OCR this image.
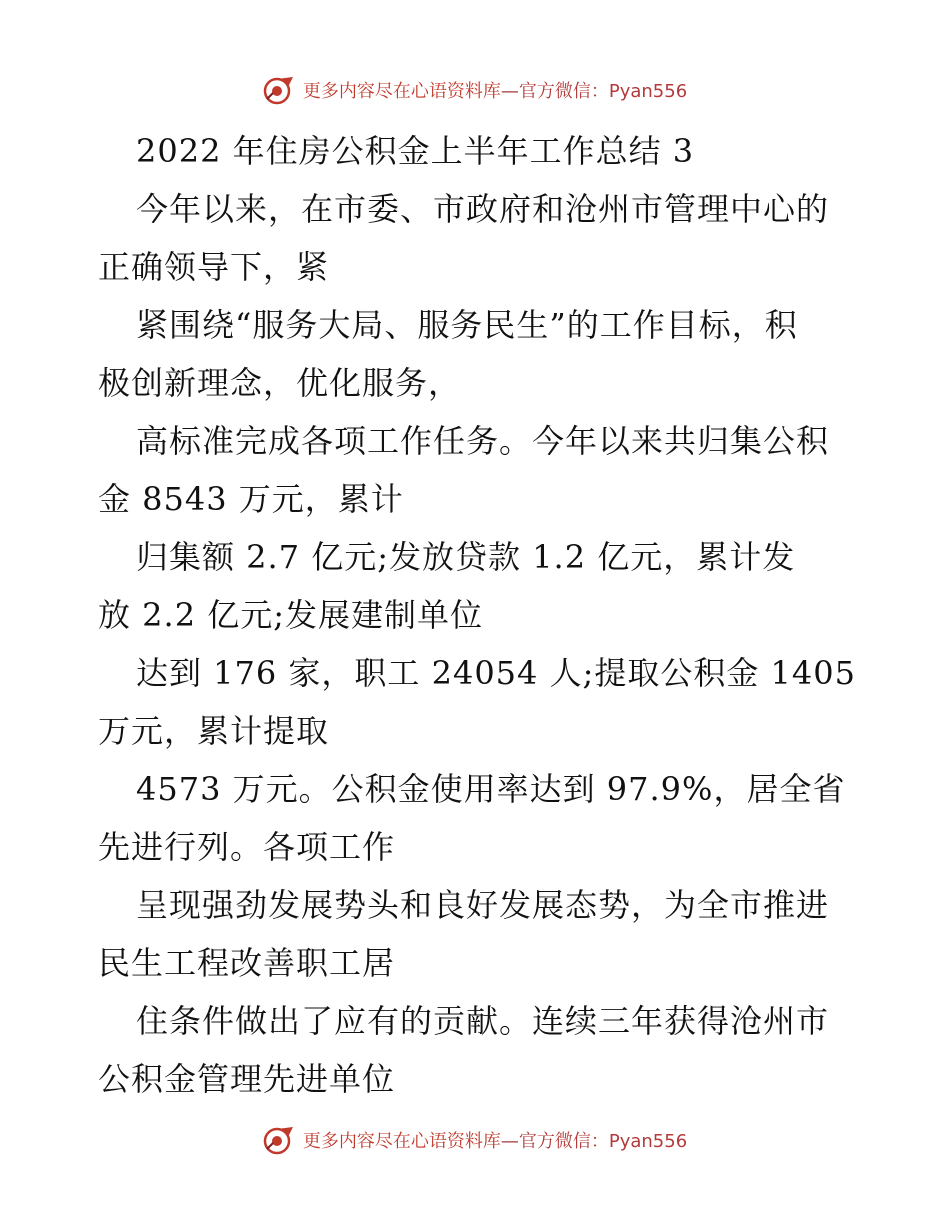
更多内容尽在心语资料库—官方微信：Pyan556
2022 年住房公积金上半年工作总结 3
今年以来，在市委、市政府和沧州市管理中心的
正确领导下，紧
紧围绕“服务大局、服务民生”的工作目标，积
极创新理念，优化服务，
高标准完成各项工作任务。今年以来共归集公积
金 8543 万元，累计
归集额 2.7 亿元;发放贷款 1.2 亿元，累计发
放 2.2 亿元;发展建制单位
达到 176 家，职工 24054 人;提取公积金 1405
万元，累计提取
4573 万元。公积金使用率达到 97.9%，居全省
先进行列。各项工作
呈现强劲发展势头和良好发展态势，为全市推进
民生工程改善职工居
住条件做出了应有的贡献。连续三年获得沧州市
公积金管理先进单位
更多内容尽在心语资料库—官方微信：Pyan556
